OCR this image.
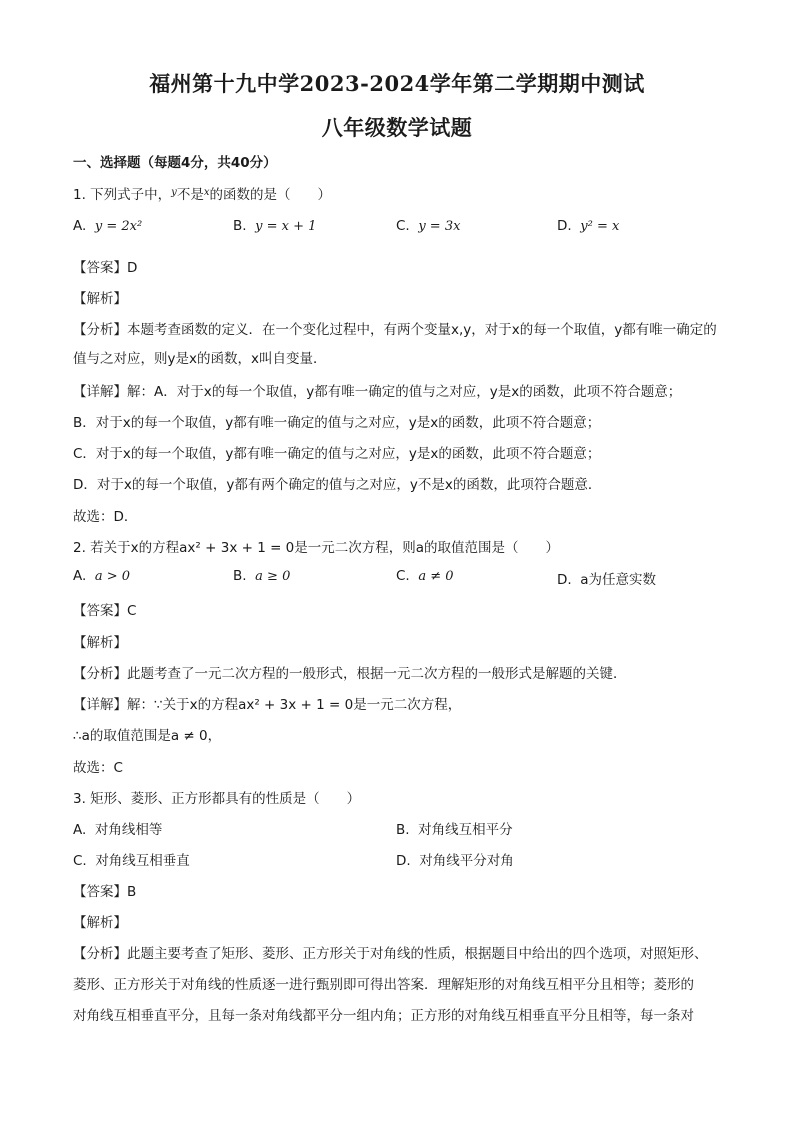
福州第十九中学2023-2024学年第二学期期中测试
八年级数学试题
一、选择题（每题4分，共40分）
1. 下列式子中，$^y$不是$^x$的函数的是（　　）
A. y = 2x²	B. y = x + 1	C. y = 3x	D. y² = x
【答案】D
【解析】
【分析】本题考查函数的定义．在一个变化过程中，有两个变量x,y，对于x的每一个取值，y都有唯一确定的值与之对应，则y是x的函数，x叫自变量．
【详解】解：A．对于x的每一个取值，y都有唯一确定的值与之对应，y是x的函数，此项不符合题意；
B．对于x的每一个取值，y都有唯一确定的值与之对应，y是x的函数，此项不符合题意；
C．对于x的每一个取值，y都有唯一确定的值与之对应，y是x的函数，此项不符合题意；
D．对于x的每一个取值，y都有两个确定的值与之对应，y不是x的函数，此项符合题意．
故选：D．
2. 若关于x的方程ax² + 3x + 1 = 0是一元二次方程，则a的取值范围是（　　）
A. a > 0	B. a ≥ 0	C. a ≠ 0	D. a为任意实数
【答案】C
【解析】
【分析】此题考查了一元二次方程的一般形式，根据一元二次方程的一般形式是解题的关键．
【详解】解：∵关于x的方程ax² + 3x + 1 = 0是一元二次方程，
∴a的取值范围是a ≠ 0，
故选：C
3. 矩形、菱形、正方形都具有的性质是（　　）
A. 对角线相等	B. 对角线互相平分
C. 对角线互相垂直	D. 对角线平分对角
【答案】B
【解析】
【分析】此题主要考查了矩形、菱形、正方形关于对角线的性质，根据题目中给出的四个选项，对照矩形、
菱形、正方形关于对角线的性质逐一进行甄别即可得出答案．理解矩形的对角线互相平分且相等；菱形的
对角线互相垂直平分，且每一条对角线都平分一组内角；正方形的对角线互相垂直平分且相等，每一条对
